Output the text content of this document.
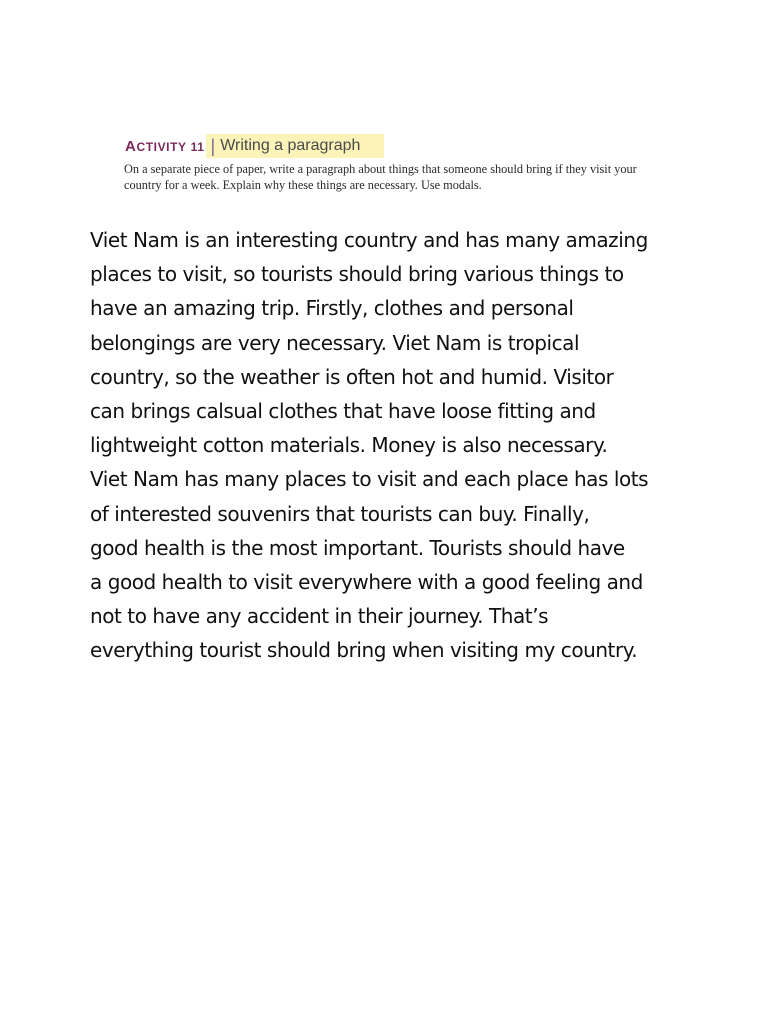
ACTIVITY 11 | Writing a paragraph

On a separate piece of paper, write a paragraph about things that someone should bring if they visit your country for a week. Explain why these things are necessary. Use modals.

Viet Nam is an interesting country and has many amazing
places to visit, so tourists should bring various things to
have an amazing trip. Firstly, clothes and personal
belongings are very necessary. Viet Nam is tropical
country, so the weather is often hot and humid. Visitor
can brings calsual clothes that have loose fitting and
lightweight cotton materials. Money is also necessary.
Viet Nam has many places to visit and each place has lots
of interested souvenirs that tourists can buy. Finally,
good health is the most important. Tourists should have
a good health to visit everywhere with a good feeling and
not to have any accident in their journey. That’s
everything tourist should bring when visiting my country.
